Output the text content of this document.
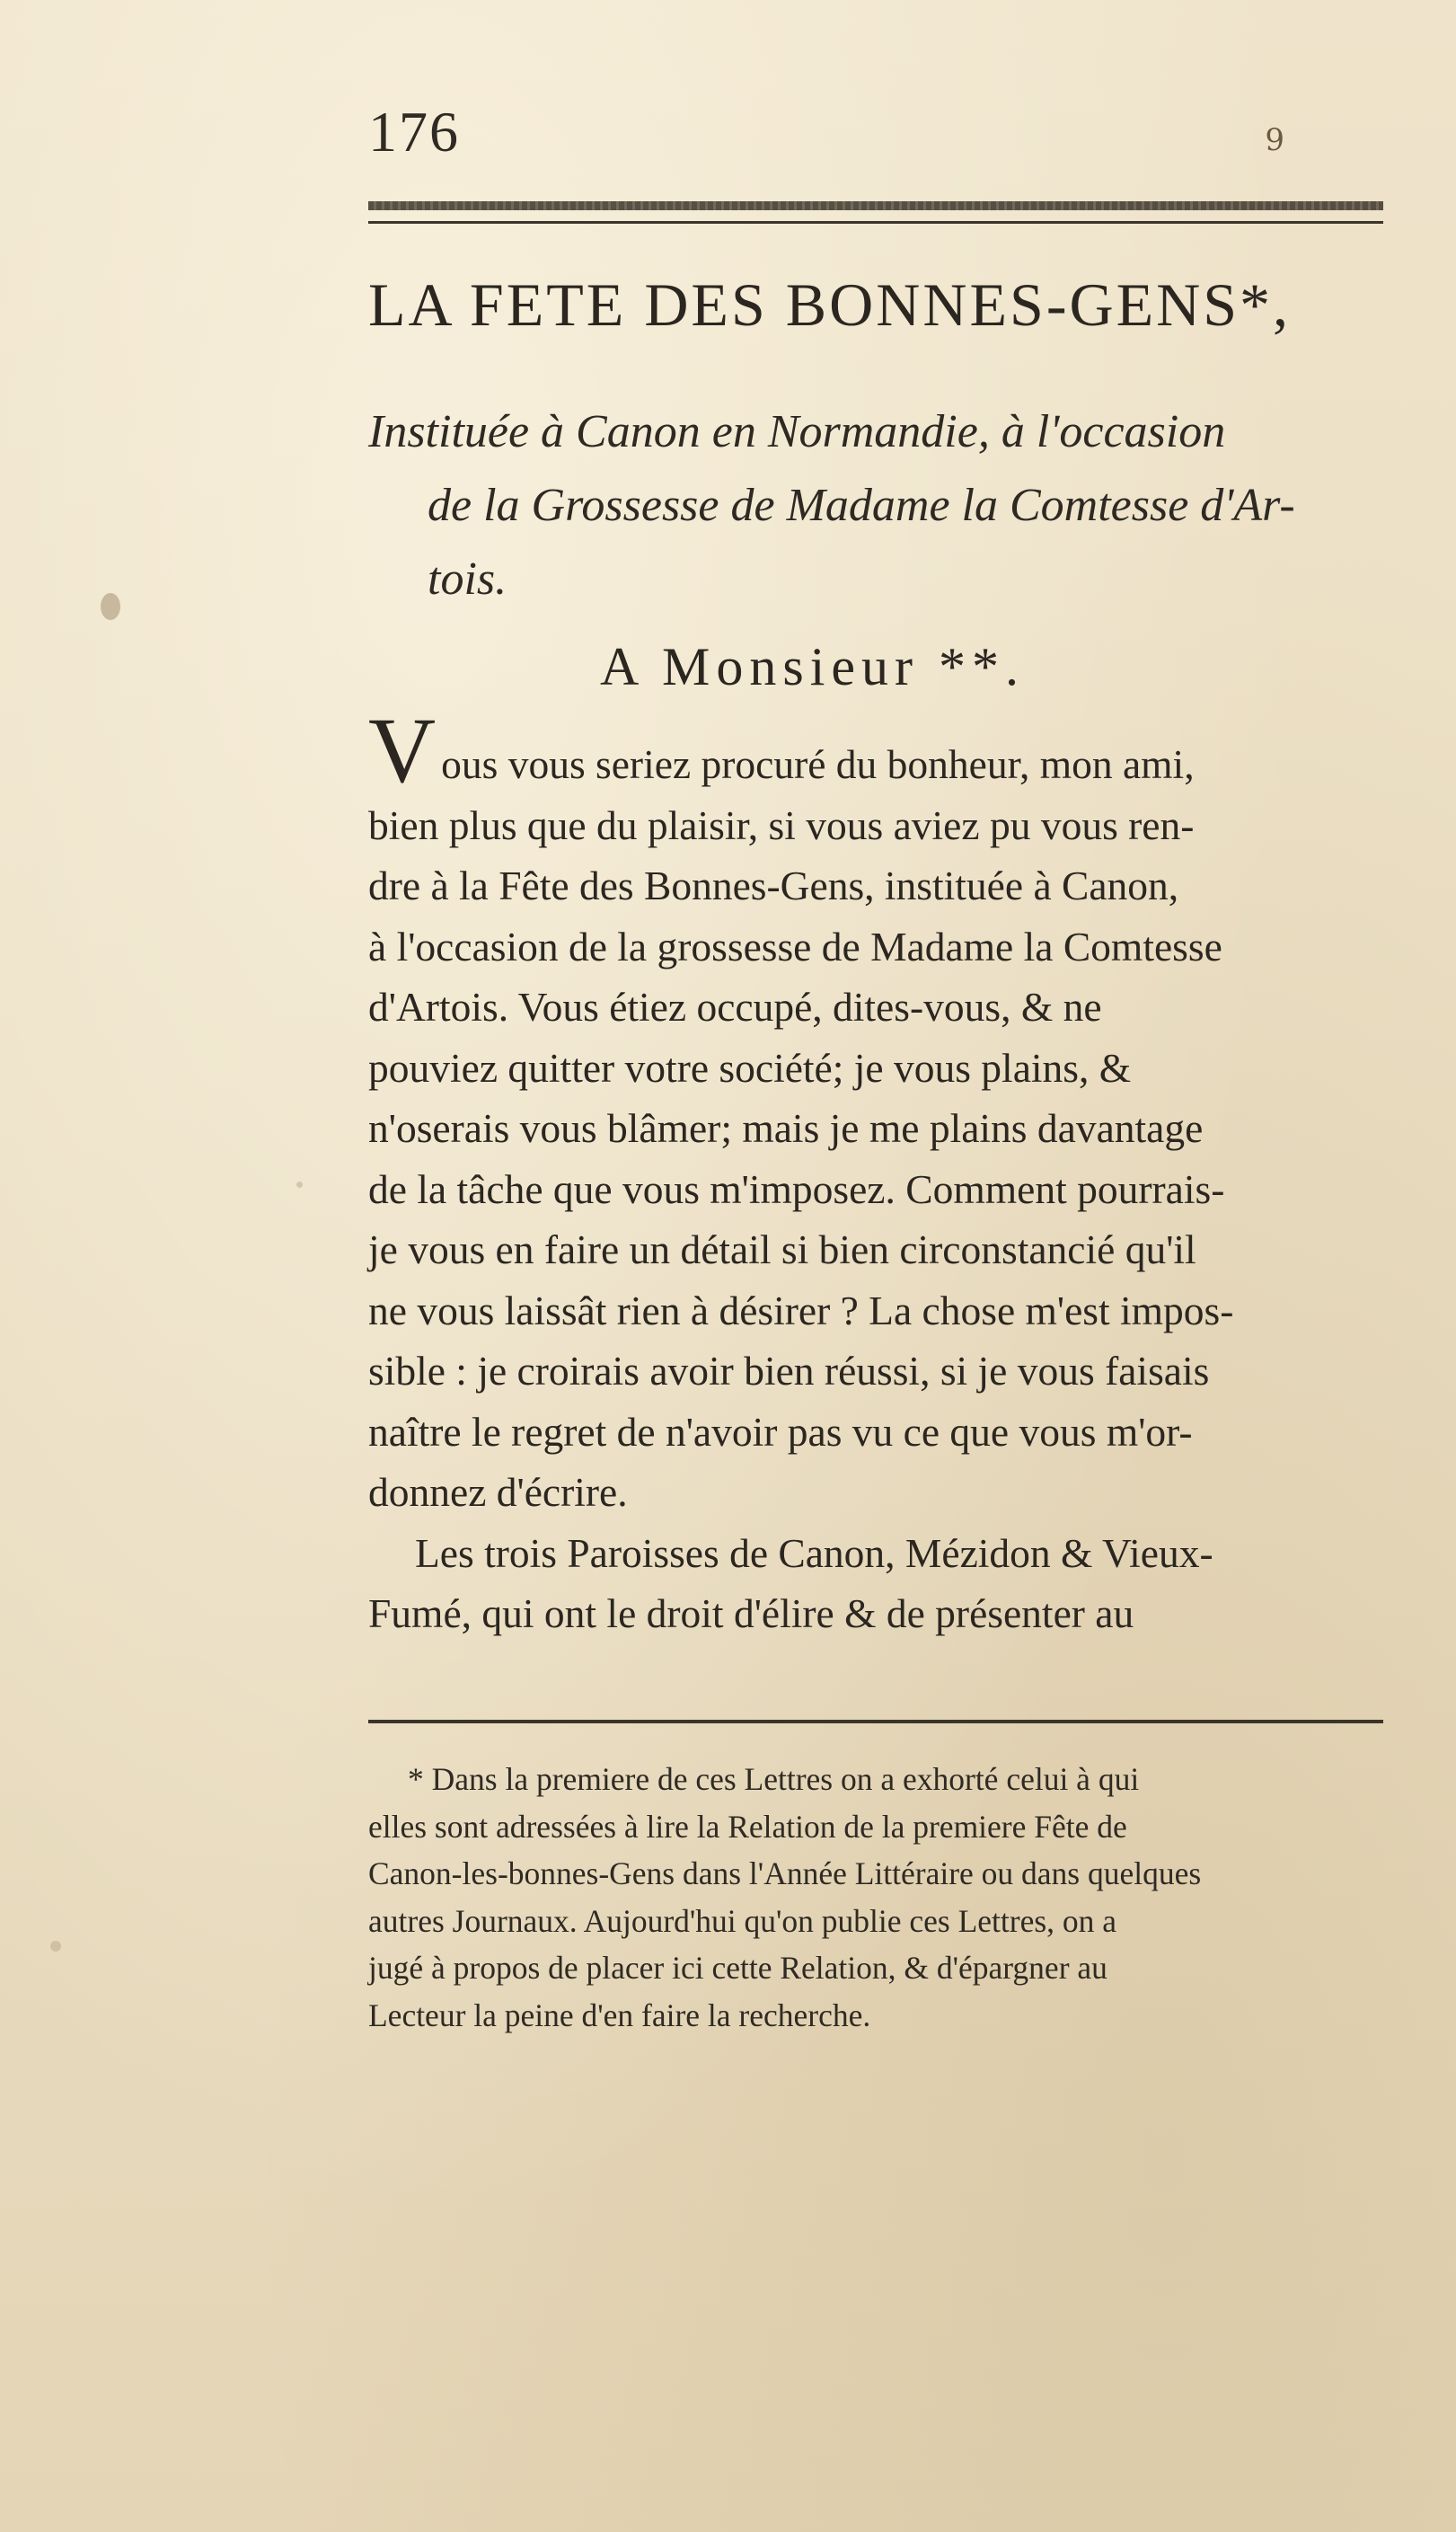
176	9
LA FETE DES BONNES-GENS*,
Instituée à Canon en Normandie, à l'occasion
de la Grossesse de Madame la Comtesse d'Ar-
tois.
A Monsieur **.
Vous vous seriez procuré du bonheur, mon ami,
bien plus que du plaisir, si vous aviez pu vous ren-
dre à la Fête des Bonnes-Gens, instituée à Canon,
à l'occasion de la grossesse de Madame la Comtesse
d'Artois. Vous étiez occupé, dites-vous, & ne
pouviez quitter votre société; je vous plains, &
n'oserais vous blâmer; mais je me plains davantage
de la tâche que vous m'imposez. Comment pourrais-
je vous en faire un détail si bien circonstancié qu'il
ne vous laissât rien à désirer ? La chose m'est impos-
sible : je croirais avoir bien réussi, si je vous faisais
naître le regret de n'avoir pas vu ce que vous m'or-
donnez d'écrire.
Les trois Paroisses de Canon, Mézidon & Vieux-
Fumé, qui ont le droit d'élire & de présenter au
* Dans la premiere de ces Lettres on a exhorté celui à qui
elles sont adressées à lire la Relation de la premiere Fête de
Canon-les-bonnes-Gens dans l'Année Littéraire ou dans quelques
autres Journaux. Aujourd'hui qu'on publie ces Lettres, on a
jugé à propos de placer ici cette Relation, & d'épargner au
Lecteur la peine d'en faire la recherche.
